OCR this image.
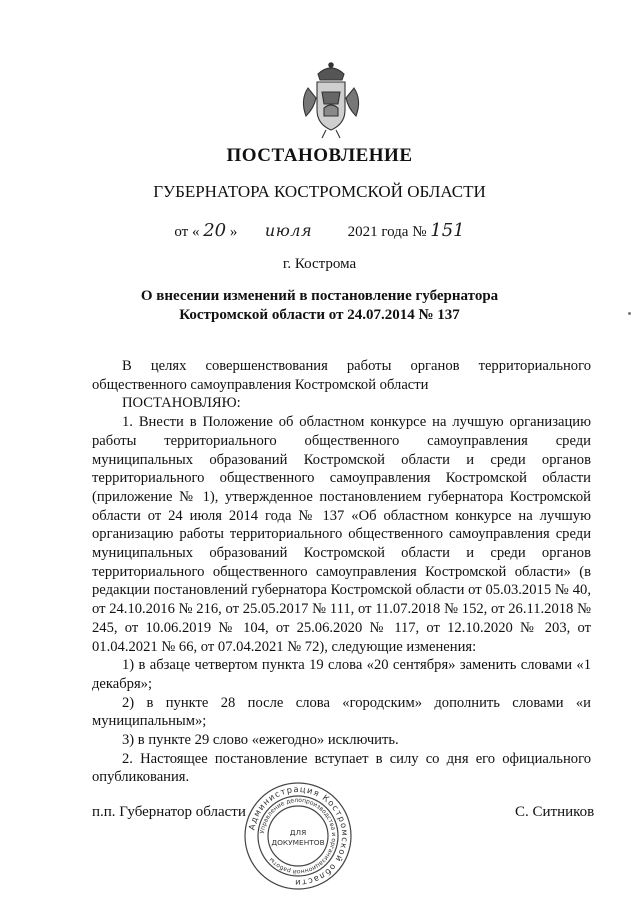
ПОСТАНОВЛЕНИЕ
ГУБЕРНАТОРА КОСТРОМСКОЙ ОБЛАСТИ
от « 20 » июля 2021 года № 151
г. Кострома
О внесении изменений в постановление губернатора
Костромской области от 24.07.2014 № 137

В целях совершенствования работы органов территориального общественного самоуправления Костромской области

ПОСТАНОВЛЯЮ:

1. Внести в Положение об областном конкурсе на лучшую организацию работы территориального общественного самоуправления среди муниципальных образований Костромской области и среди органов территориального общественного самоуправления Костромской области (приложение № 1), утвержденное постановлением губернатора Костромской области от 24 июля 2014 года № 137 «Об областном конкурсе на лучшую организацию работы территориального общественного самоуправления среди муниципальных образований Костромской области и среди органов территориального общественного самоуправления Костромской области» (в редакции постановлений губернатора Костромской области от 05.03.2015 № 40, от 24.10.2016 № 216, от 25.05.2017 № 111, от 11.07.2018 № 152, от 26.11.2018 № 245, от 10.06.2019 № 104, от 25.06.2020 № 117, от 12.10.2020 № 203, от 01.04.2021 № 66, от 07.04.2021 № 72), следующие изменения:

1) в абзаце четвертом пункта 19 слова «20 сентября» заменить словами «1 декабря»;

2) в пункте 28 после слова «городским» дополнить словами «и муниципальным»;

3) в пункте 29 слово «ежегодно» исключить.

2. Настоящее постановление вступает в силу со дня его официального опубликования.

п.п. Губернатор области	С. Ситников
Администрация Костромской области
Управление делопроизводства и организационной работы
ДЛЯ
ДОКУМЕНТОВ
